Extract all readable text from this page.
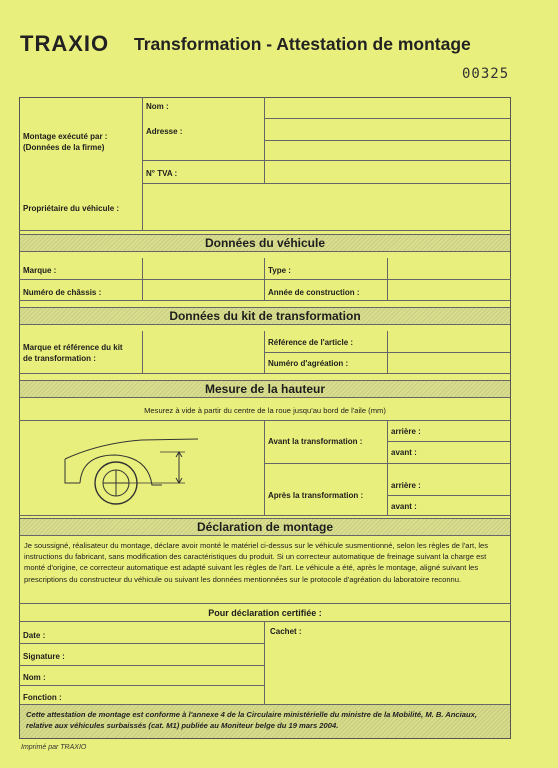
TRAXIO Transformation - Attestation de montage
00325
Montage exécuté par :
(Données de la firme)
Nom :
Adresse :
N° TVA :
Propriétaire du véhicule :
Données du véhicule
Marque :	Type :
Numéro de châssis :	Année de construction :
Données du kit de transformation
Marque et référence du kit
de transformation :
Référence de l'article :
Numéro d'agréation :
Mesure de la hauteur
Mesurez à vide à partir du centre de la roue jusqu'au bord de l'aile (mm)
Avant la transformation :
arrière :
avant :
Après la transformation :
arrière :
avant :
Déclaration de montage
Je soussigné, réalisateur du montage, déclare avoir monté le matériel ci-dessus sur le véhicule susmentionné, selon les règles de l'art, les instructions du fabricant, sans modification des caractéristiques du produit. Si un correcteur automatique de freinage suivant la charge est monté d'origine, ce correcteur automatique est adapté suivant les règles de l'art. Le véhicule a été, après le montage, aligné suivant les prescriptions du constructeur du véhicule ou suivant les données mentionnées sur le protocole d'agréation du laboratoire reconnu.
Pour déclaration certifiée :
Date :	Cachet :
Signature :
Nom :
Fonction :
Cette attestation de montage est conforme à l'annexe 4 de la Circulaire ministérielle du ministre de la Mobilité, M. B. Anciaux, relative aux véhicules surbaissés (cat. M1) publiée au Moniteur belge du 19 mars 2004.
Imprimé par TRAXIO
